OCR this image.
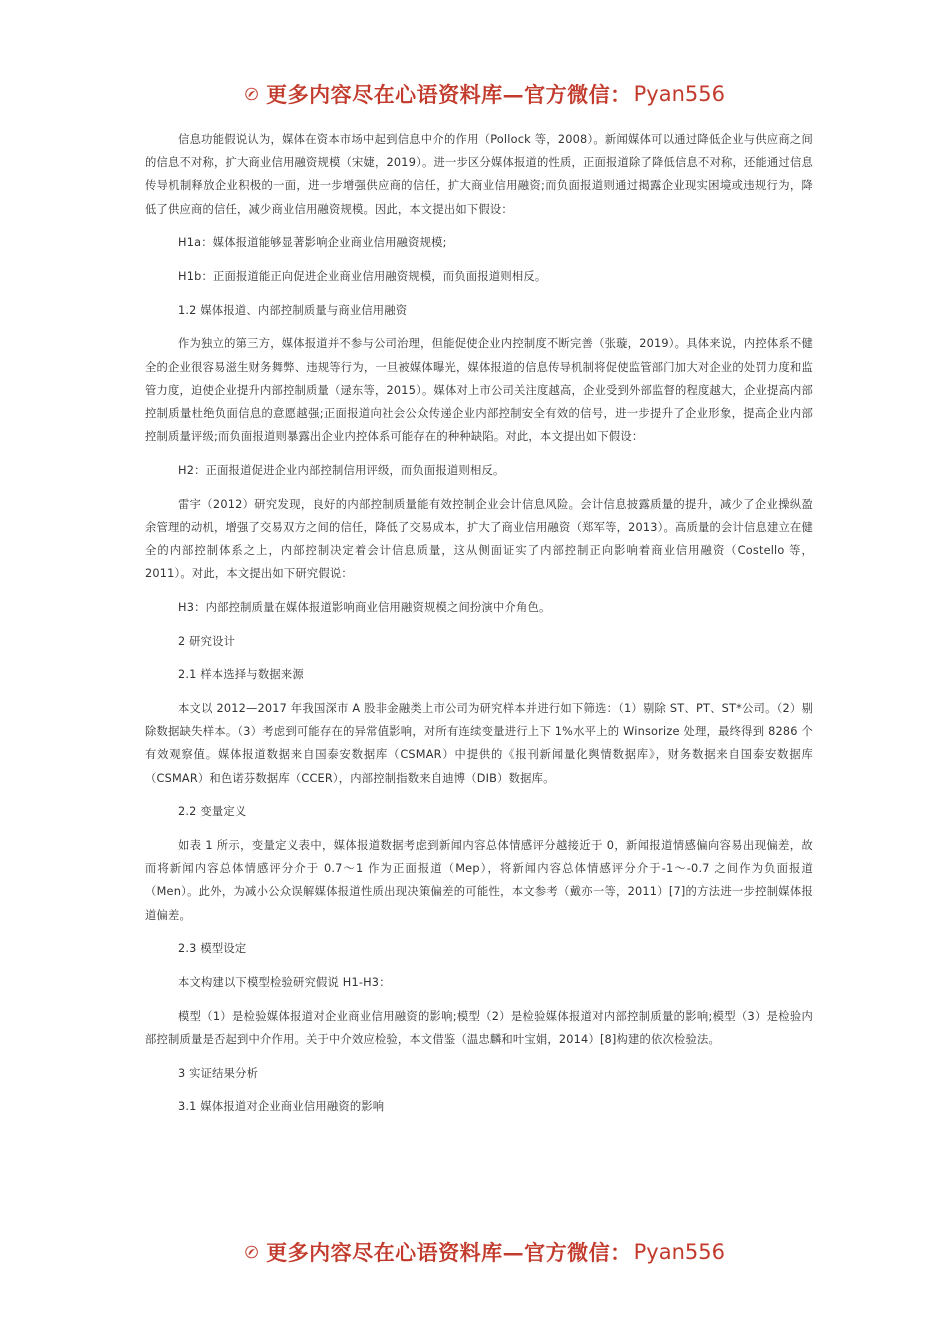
更多内容尽在心语资料库—官方微信： Pyan556

信息功能假说认为，媒体在资本市场中起到信息中介的作用（Pollock 等，2008）。新闻媒体可以通过降低企业与供应商之间的信息不对称，扩大商业信用融资规模（宋婕，2019）。进一步区分媒体报道的性质，正面报道除了降低信息不对称，还能通过信息传导机制释放企业积极的一面，进一步增强供应商的信任，扩大商业信用融资;而负面报道则通过揭露企业现实困境或违规行为，降低了供应商的信任，减少商业信用融资规模。因此，本文提出如下假设：

H1a：媒体报道能够显著影响企业商业信用融资规模;

H1b：正面报道能正向促进企业商业信用融资规模，而负面报道则相反。

1.2 媒体报道、内部控制质量与商业信用融资

作为独立的第三方，媒体报道并不参与公司治理，但能促使企业内控制度不断完善（张璇，2019）。具体来说，内控体系不健全的企业很容易滋生财务舞弊、违规等行为，一旦被媒体曝光，媒体报道的信息传导机制将促使监管部门加大对企业的处罚力度和监管力度，迫使企业提升内部控制质量（逯东等，2015）。媒体对上市公司关注度越高，企业受到外部监督的程度越大，企业提高内部控制质量杜绝负面信息的意愿越强;正面报道向社会公众传递企业内部控制安全有效的信号，进一步提升了企业形象，提高企业内部控制质量评级;而负面报道则暴露出企业内控体系可能存在的种种缺陷。对此，本文提出如下假设：

H2：正面报道促进企业内部控制信用评级，而负面报道则相反。

雷宇（2012）研究发现，良好的内部控制质量能有效控制企业会计信息风险。会计信息披露质量的提升，减少了企业操纵盈余管理的动机，增强了交易双方之间的信任，降低了交易成本，扩大了商业信用融资（郑军等，2013）。高质量的会计信息建立在健全的内部控制体系之上，内部控制决定着会计信息质量，这从侧面证实了内部控制正向影响着商业信用融资（Costello 等，2011）。对此，本文提出如下研究假说：

H3：内部控制质量在媒体报道影响商业信用融资规模之间扮演中介角色。

2 研究设计

2.1 样本选择与数据来源

本文以 2012—2017 年我国深市 A 股非金融类上市公司为研究样本并进行如下筛选：（1）剔除 ST、PT、ST*公司。（2）剔除数据缺失样本。（3）考虑到可能存在的异常值影响，对所有连续变量进行上下 1%水平上的 Winsorize 处理，最终得到 8286 个有效观察值。媒体报道数据来自国泰安数据库（CSMAR）中提供的《报刊新闻量化舆情数据库》，财务数据来自国泰安数据库（CSMAR）和色诺芬数据库（CCER），内部控制指数来自迪博（DIB）数据库。

2.2 变量定义

如表 1 所示，变量定义表中，媒体报道数据考虑到新闻内容总体情感评分越接近于 0，新闻报道情感偏向容易出现偏差，故而将新闻内容总体情感评分介于 0.7～1 作为正面报道（Mep），将新闻内容总体情感评分介于-1～-0.7 之间作为负面报道（Men）。此外，为减小公众误解媒体报道性质出现决策偏差的可能性，本文参考（戴亦一等，2011）[7]的方法进一步控制媒体报道偏差。

2.3 模型设定

本文构建以下模型检验研究假说 H1-H3：

模型（1）是检验媒体报道对企业商业信用融资的影响;模型（2）是检验媒体报道对内部控制质量的影响;模型（3）是检验内部控制质量是否起到中介作用。关于中介效应检验，本文借鉴（温忠麟和叶宝娟，2014）[8]构建的依次检验法。

3 实证结果分析

3.1 媒体报道对企业商业信用融资的影响

更多内容尽在心语资料库—官方微信： Pyan556
